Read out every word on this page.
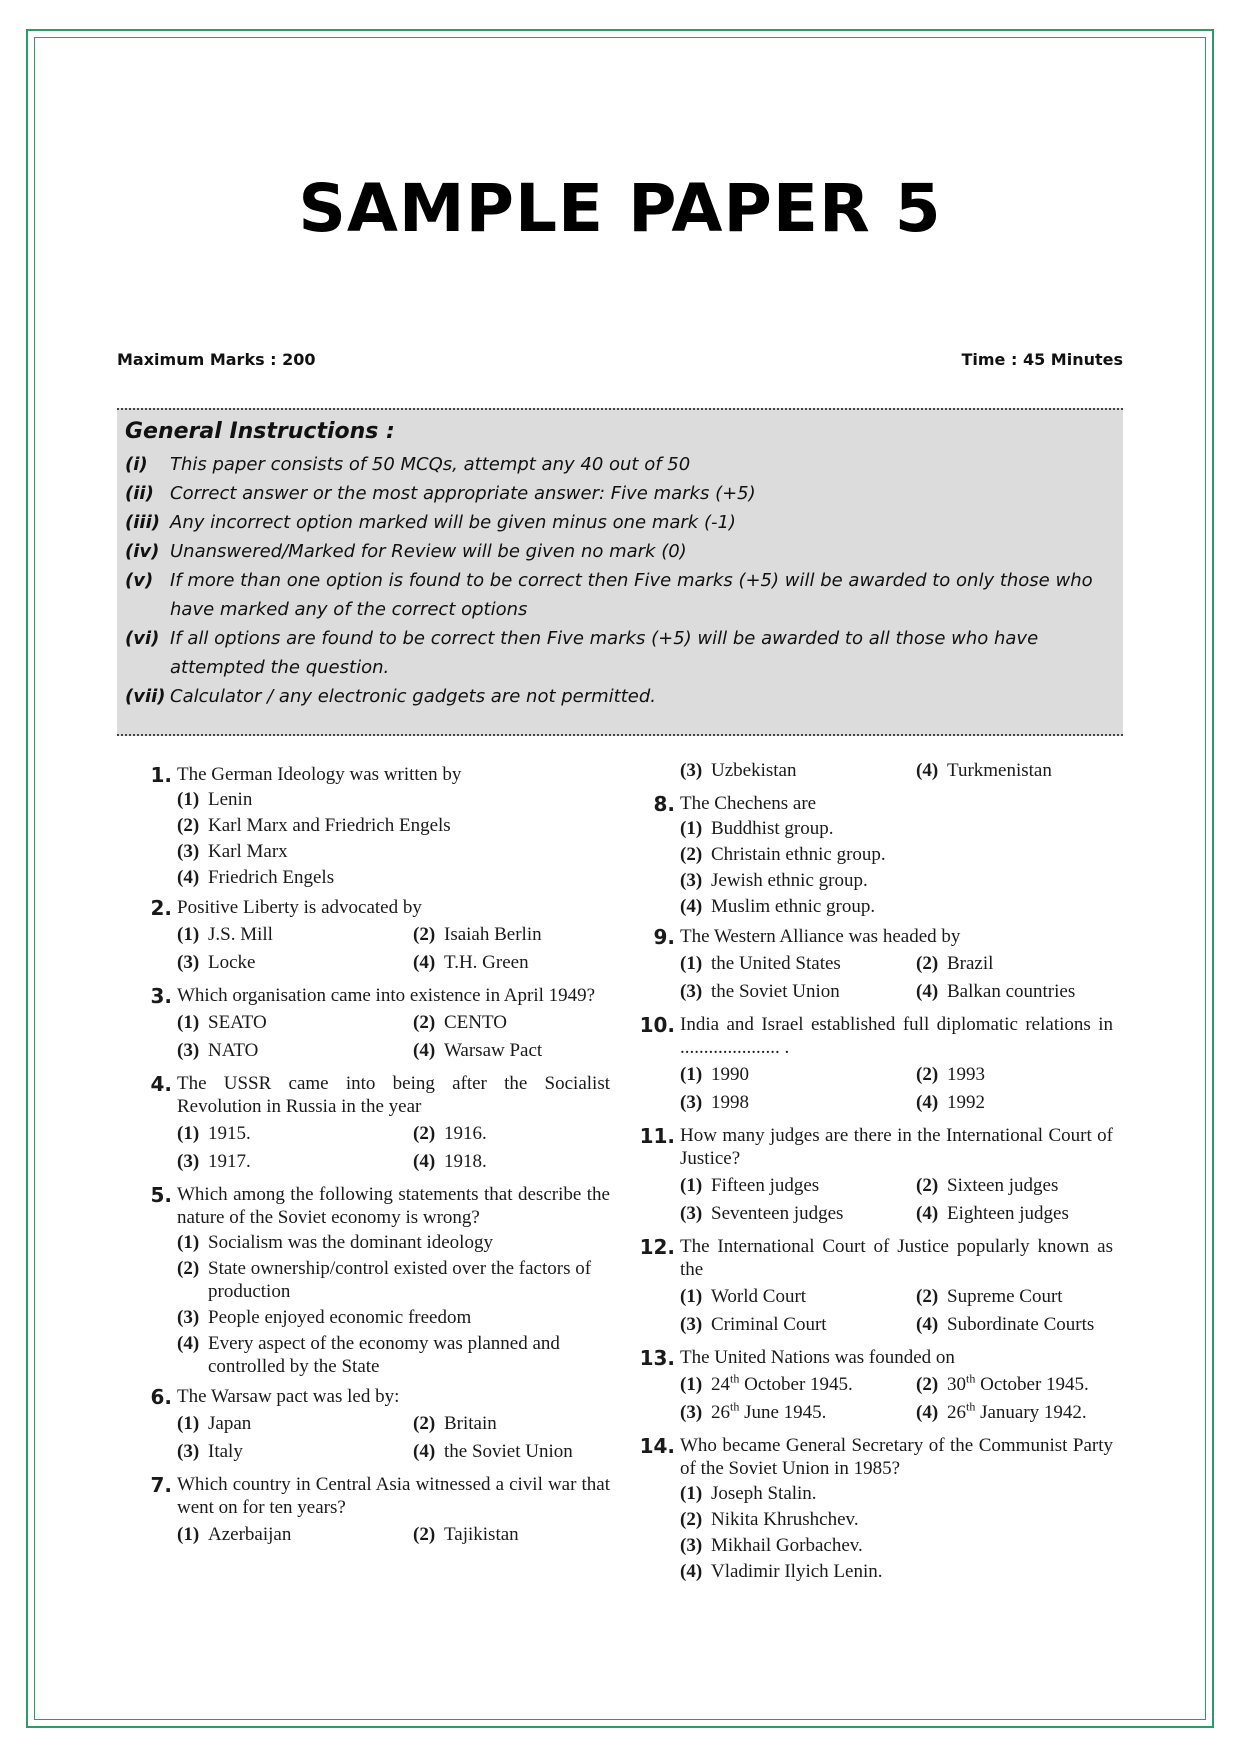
SAMPLE PAPER 5
Maximum Marks : 200	Time : 45 Minutes
General Instructions :
(i) This paper consists of 50 MCQs, attempt any 40 out of 50
(ii) Correct answer or the most appropriate answer: Five marks (+5)
(iii) Any incorrect option marked will be given minus one mark (-1)
(iv) Unanswered/Marked for Review will be given no mark (0)
(v) If more than one option is found to be correct then Five marks (+5) will be awarded to only those who have marked any of the correct options
(vi) If all options are found to be correct then Five marks (+5) will be awarded to all those who have attempted the question.
(vii) Calculator / any electronic gadgets are not permitted.
1. The German Ideology was written by
(1) Lenin
(2) Karl Marx and Friedrich Engels
(3) Karl Marx
(4) Friedrich Engels
2. Positive Liberty is advocated by
(1) J.S. Mill	(2) Isaiah Berlin
(3) Locke	(4) T.H. Green
3. Which organisation came into existence in April 1949?
(1) SEATO	(2) CENTO
(3) NATO	(4) Warsaw Pact
4. The USSR came into being after the Socialist Revolution in Russia in the year
(1) 1915.	(2) 1916.
(3) 1917.	(4) 1918.
5. Which among the following statements that describe the nature of the Soviet economy is wrong?
(1) Socialism was the dominant ideology
(2) State ownership/control existed over the factors of production
(3) People enjoyed economic freedom
(4) Every aspect of the economy was planned and controlled by the State
6. The Warsaw pact was led by:
(1) Japan	(2) Britain
(3) Italy	(4) the Soviet Union
7. Which country in Central Asia witnessed a civil war that went on for ten years?
(1) Azerbaijan	(2) Tajikistan
(3) Uzbekistan	(4) Turkmenistan
8. The Chechens are
(1) Buddhist group.
(2) Christain ethnic group.
(3) Jewish ethnic group.
(4) Muslim ethnic group.
9. The Western Alliance was headed by
(1) the United States	(2) Brazil
(3) the Soviet Union	(4) Balkan countries
10. India and Israel established full diplomatic relations in ..................... .
(1) 1990	(2) 1993
(3) 1998	(4) 1992
11. How many judges are there in the International Court of Justice?
(1) Fifteen judges	(2) Sixteen judges
(3) Seventeen judges	(4) Eighteen judges
12. The International Court of Justice popularly known as the
(1) World Court	(2) Supreme Court
(3) Criminal Court	(4) Subordinate Courts
13. The United Nations was founded on
(1) 24th October 1945.	(2) 30th October 1945.
(3) 26th June 1945.	(4) 26th January 1942.
14. Who became General Secretary of the Communist Party of the Soviet Union in 1985?
(1) Joseph Stalin.
(2) Nikita Khrushchev.
(3) Mikhail Gorbachev.
(4) Vladimir Ilyich Lenin.
